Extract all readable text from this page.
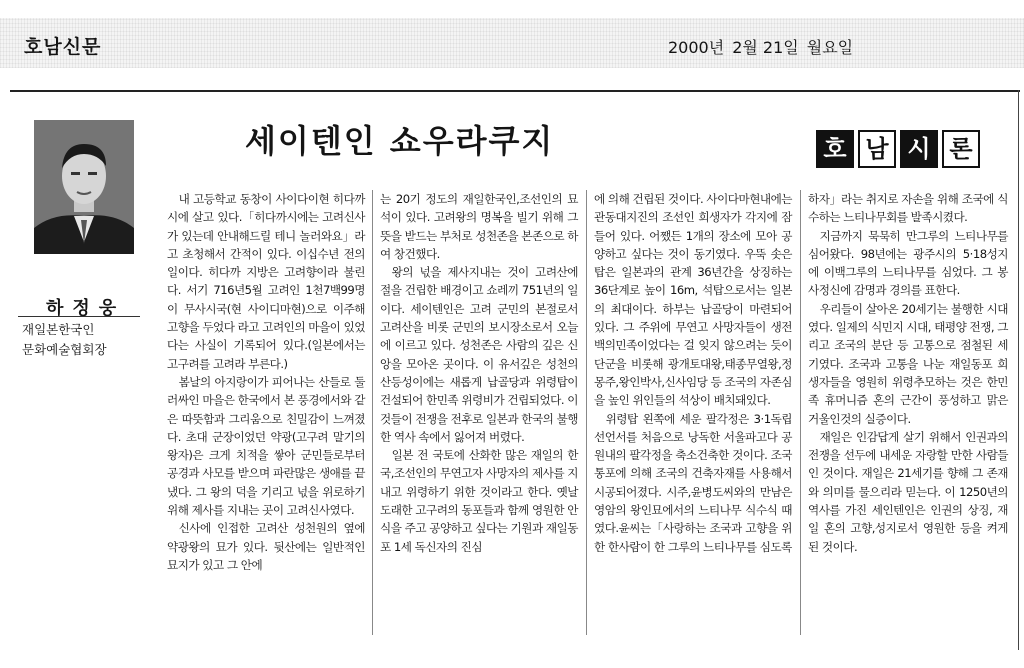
호남신문	2000년 2월 21일 월요일
하정웅
재일본한국인
문화예술협회장
세이텐인 쇼우라쿠지	호 남 시 론

내 고등학교 동창이 사이다이현 히다까시에 살고 있다.「히다까시에는 고려신사가 있는데 안내해드릴 테니 놀러와요」라고 초청해서 간적이 있다. 이십수년 전의 일이다. 히다까 지방은 고려향이라 불린다. 서기 716년5월 고려인 1천7백99명이 무사시국(현 사이디마현)으로 이주해 고향을 두었다 라고 고려인의 마을이 있었다는 사실이 기록되어 있다.(일본에서는 고구려를 고려라 부른다.)

봄날의 아지랑이가 피어나는 산들로 둘러싸인 마을은 한국에서 본 풍경에서와 같은 따뜻함과 그리움으로 친밀감이 느껴졌다. 초대 군장이었던 약광(고구려 말기의 왕자)은 크게 치적을 쌓아 군민들로부터 공경과 사모를 받으며 파란많은 생애를 끝냈다. 그 왕의 덕을 기리고 넋을 위로하기위해 제사를 지내는 곳이 고려신사였다.

신사에 인접한 고려산 성천원의 옆에 약광왕의 묘가 있다. 뒷산에는 일반적인 묘지가 있고 그 안에

는 20기 정도의 재일한국인,조선인의 묘석이 있다. 고려왕의 명복을 빌기 위해 그 뜻을 받드는 부처로 성천존을 본존으로 하여 창건했다.

왕의 넋을 제사지내는 것이 고려산에 절을 건립한 배경이고 쇼레끼 751년의 일이다. 세이텐인은 고려 군민의 본절로서 고려산을 비롯 군민의 보시장소로서 오늘에 이르고 있다. 성천존은 사람의 깊은 신앙을 모아온 곳이다. 이 유서깊은 성천의 산등성이에는 새롭게 납골당과 위령탑이 건설되어 한민족 위령비가 건립되었다. 이것들이 전쟁을 전후로 일본과 한국의 불행한 역사 속에서 잃어져 버렸다.

일본 전 국토에 산화한 많은 재일의 한국,조선인의 무연고자 사망자의 제사를 지내고 위령하기 위한 것이라고 한다. 옛날 도래한 고구려의 동포들과 함께 영원한 안식을 주고 공양하고 싶다는 기원과 재일동포 1세 독신자의 진심

에 의해 건립된 것이다. 사이다마현내에는 관동대지진의 조선인 희생자가 각지에 잠들어 있다. 어쨌든 1개의 장소에 모아 공양하고 싶다는 것이 동기였다. 우뚝 솟은 탑은 일본과의 관계 36년간을 상징하는 36단계로 높이 16m, 석탑으로서는 일본의 최대이다. 하부는 납골당이 마련되어 있다. 그 주위에 무연고 사망자들이 생전 백의민족이었다는 걸 잊지 않으려는 듯이 단군을 비롯해 광개토대왕,태종무열왕,정몽주,왕인박사,신사임당 등 조국의 자존심을 높인 위인들의 석상이 배치돼있다.

위령탑 왼쪽에 세운 팔각정은 3·1독립선언서를 처음으로 낭독한 서울파고다 공원내의 팔각정을 축소건축한 것이다. 조국통포에 의해 조국의 건축자재를 사용해서 시공되어졌다. 시주,윤병도씨와의 만남은 영암의 왕인묘에서의 느티나무 식수식 때였다.윤씨는「사랑하는 조국과 고향을 위한 한사람이 한 그루의 느티나무를 심도록

하자」라는 취지로 자손을 위해 조국에 식수하는 느티나무회를 발족시켰다.

지금까지 묵묵히 만그루의 느티나무를 심어왔다. 98년에는 광주시의 5·18성지에 이백그루의 느티나무를 심었다. 그 봉사정신에 감명과 경의를 표한다.

우리들이 살아온 20세기는 불행한 시대였다. 일제의 식민지 시대, 태평양 전쟁, 그리고 조국의 분단 등 고통으로 점철된 세기였다. 조국과 고통을 나눈 재일동포 희생자들을 영원히 위령추모하는 것은 한민족 휴머니즘 혼의 근간이 풍성하고 맑은 거울인것의 실증이다.

재일은 인감답게 살기 위해서 인권과의 전쟁을 선두에 내세운 자랑할 만한 사람들인 것이다. 재일은 21세기를 향해 그 존재와 의미를 물으리라 믿는다. 이 1250년의 역사를 가진 세인텐인은 인권의 상징, 재일 혼의 고향,성지로서 영원한 등을 켜게 된 것이다.
